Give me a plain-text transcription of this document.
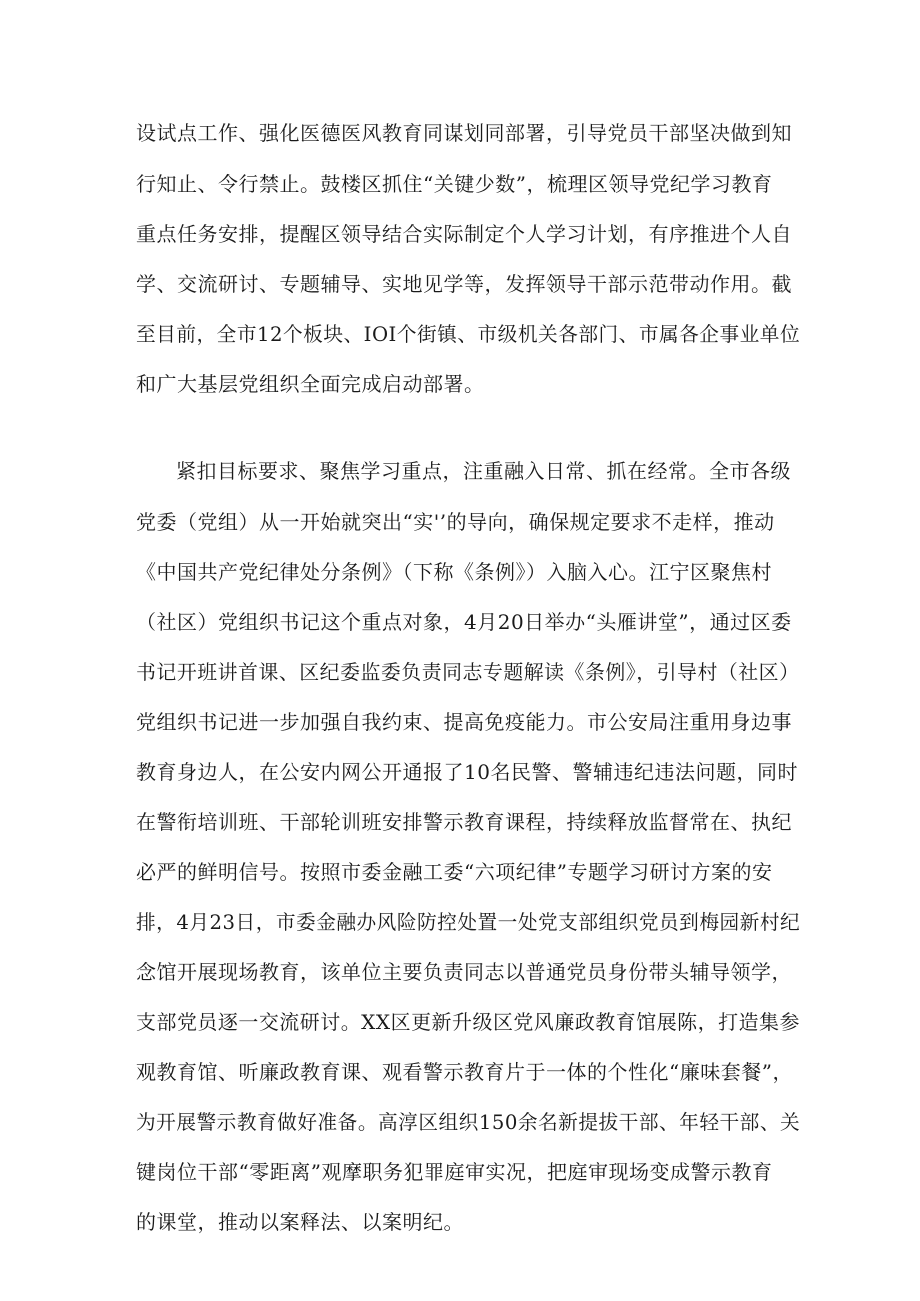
设试点工作、强化医德医风教育同谋划同部署，引导党员干部坚决做到知

行知止、令行禁止。鼓楼区抓住“关键少数”，梳理区领导党纪学习教育

重点任务安排，提醒区领导结合实际制定个人学习计划，有序推进个人自

学、交流研讨、专题辅导、实地见学等，发挥领导干部示范带动作用。截

至目前，全市12个板块、IOI个街镇、市级机关各部门、市属各企事业单位

和广大基层党组织全面完成启动部署。

紧扣目标要求、聚焦学习重点，注重融入日常、抓在经常。全市各级

党委（党组）从一开始就突出“实'’的导向，确保规定要求不走样，推动

《中国共产党纪律处分条例》（下称《条例》）入脑入心。江宁区聚焦村

（社区）党组织书记这个重点对象，4月20日举办“头雁讲堂”，通过区委

书记开班讲首课、区纪委监委负责同志专题解读《条例》，引导村（社区）

党组织书记进一步加强自我约束、提高免疫能力。市公安局注重用身边事

教育身边人，在公安内网公开通报了10名民警、警辅违纪违法问题，同时

在警衔培训班、干部轮训班安排警示教育课程，持续释放监督常在、执纪

必严的鲜明信号。按照市委金融工委“六项纪律”专题学习研讨方案的安

排，4月23日，市委金融办风险防控处置一处党支部组织党员到梅园新村纪

念馆开展现场教育，该单位主要负责同志以普通党员身份带头辅导领学，

支部党员逐一交流研讨。XX区更新升级区党风廉政教育馆展陈，打造集参

观教育馆、听廉政教育课、观看警示教育片于一体的个性化“廉味套餐”，

为开展警示教育做好准备。高淳区组织150余名新提拔干部、年轻干部、关

键岗位干部“零距离”观摩职务犯罪庭审实况，把庭审现场变成警示教育

的课堂，推动以案释法、以案明纪。
